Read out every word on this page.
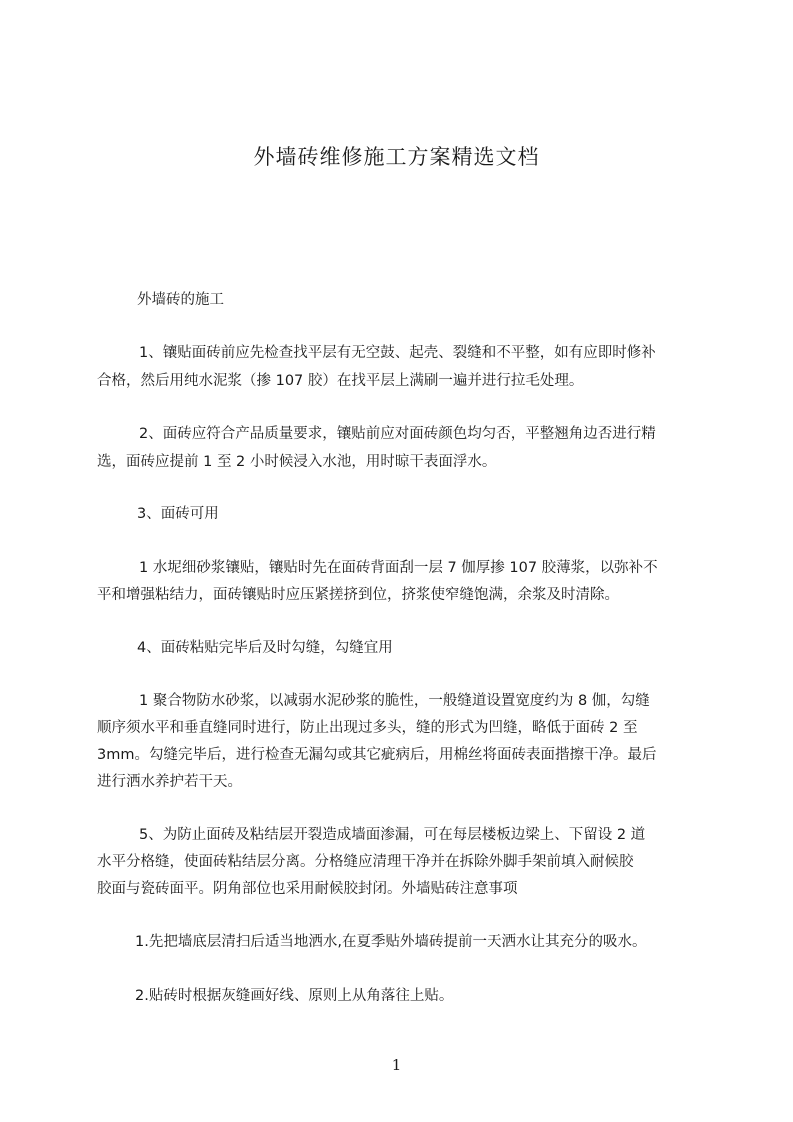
外墙砖维修施工方案精选文档
外墙砖的施工
1、镶贴面砖前应先检查找平层有无空鼓、起壳、裂缝和不平整，如有应即时修补
合格，然后用纯水泥浆（掺 107 胶）在找平层上满刷一遍并进行拉毛处理。
2、面砖应符合产品质量要求，镶贴前应对面砖颜色均匀否，平整翘角边否进行精
选，面砖应提前 1 至 2 小时候浸入水池，用时晾干表面浮水。
3、面砖可用
1 水坭细砂浆镶贴，镶贴时先在面砖背面刮一层 7 伽厚掺 107 胶薄浆，以弥补不
平和增强粘结力，面砖镶贴时应压紧搓挤到位，挤浆使窄缝饱满，余浆及时清除。
4、面砖粘贴完毕后及时勾缝，勾缝宜用
1 聚合物防水砂浆，以减弱水泥砂浆的脆性，一般缝道设置宽度约为 8 伽，勾缝
顺序须水平和垂直缝同时进行，防止出现过多头，缝的形式为凹缝，略低于面砖 2 至
3mm。勾缝完毕后，进行检查无漏勾或其它疵病后，用棉丝将面砖表面揩擦干净。最后
进行洒水养护若干天。
5、为防止面砖及粘结层开裂造成墙面渗漏，可在每层楼板边梁上、下留设 2 道
水平分格缝，使面砖粘结层分离。分格缝应清理干净并在拆除外脚手架前填入耐候胶
胶面与瓷砖面平。阴角部位也采用耐候胶封闭。外墙贴砖注意事项
1.先把墙底层清扫后适当地洒水,在夏季贴外墙砖提前一天洒水让其充分的吸水。
2.贴砖时根据灰缝画好线、原则上从角落往上贴。
1
